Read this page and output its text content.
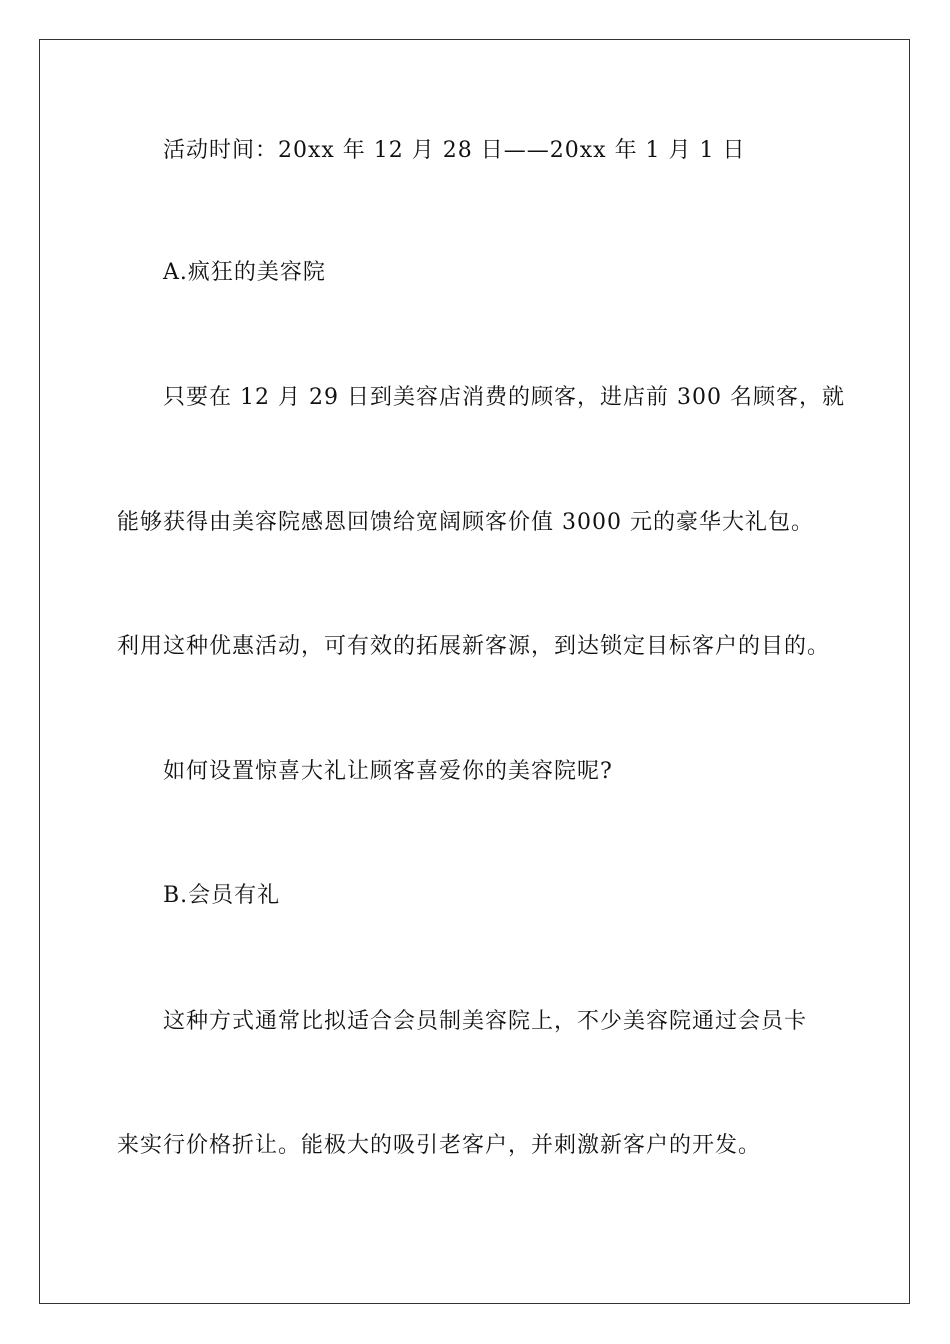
活动时间：20xx 年 12 月 28 日——20xx 年 1 月 1 日
A.疯狂的美容院
只要在 12 月 29 日到美容店消费的顾客，进店前 300 名顾客，就
能够获得由美容院感恩回馈给宽阔顾客价值 3000 元的豪华大礼包。
利用这种优惠活动，可有效的拓展新客源，到达锁定目标客户的目的。
如何设置惊喜大礼让顾客喜爱你的美容院呢?
B.会员有礼
这种方式通常比拟适合会员制美容院上，不少美容院通过会员卡
来实行价格折让。能极大的吸引老客户，并刺激新客户的开发。
